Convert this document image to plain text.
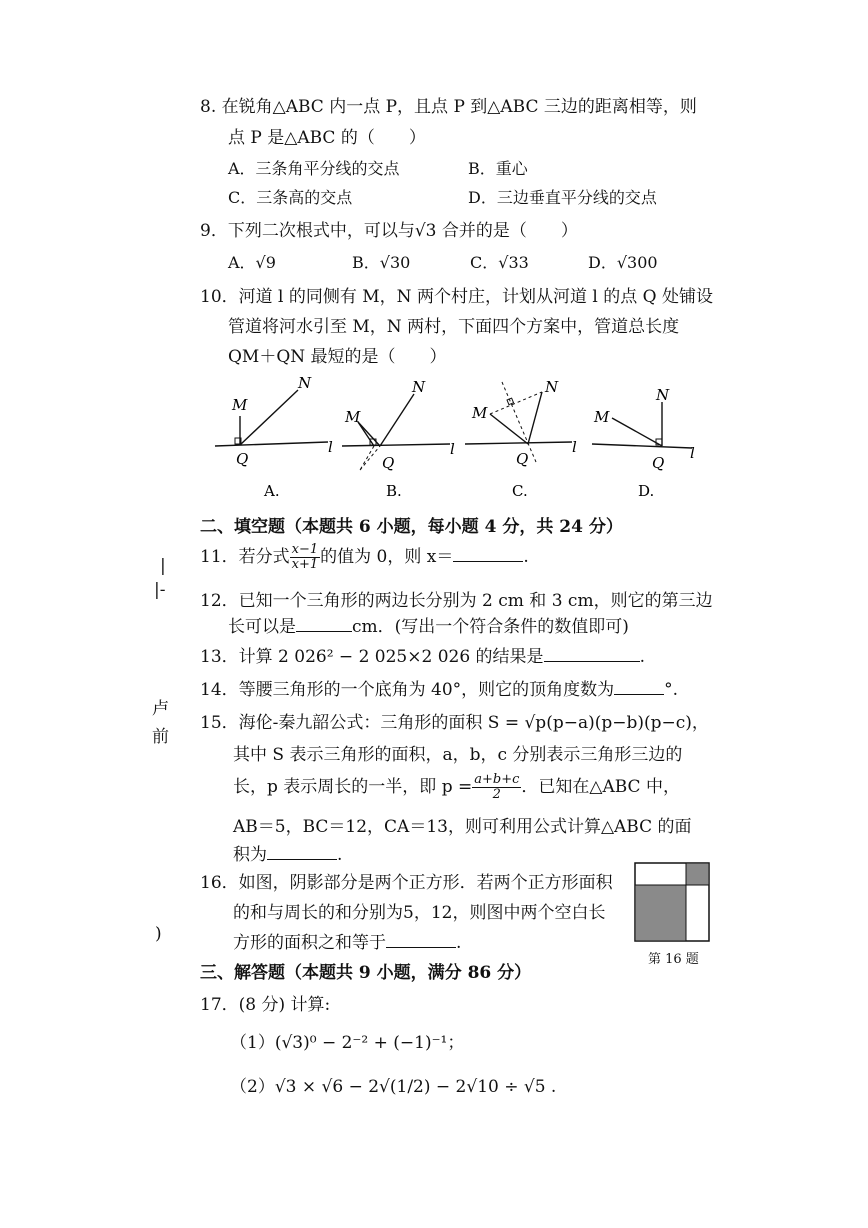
8. 在锐角△ABC 内一点 P，且点 P 到△ABC 三边的距离相等，则
点 P 是△ABC 的（　　）
A．三条角平分线的交点	B．重心
C．三条高的交点	D．三边垂直平分线的交点
9．下列二次根式中，可以与√3 合并的是（　　）
A．√9	B．√30	C．√33	D．√300
10．河道 l 的同侧有 M，N 两个村庄，计划从河道 l 的点 Q 处铺设
管道将河水引至 M，N 两村，下面四个方案中，管道总长度
QM＋QN 最短的是（　　）
M
N
Q
l
A.
M
N
Q
l
B.
M
N
Q
l
C.
M
N
Q
l
D.
二、填空题（本题共 6 小题，每小题 4 分，共 24 分）
11．若分式 $\frac{x-1}{x+1}$ 的值为 0，则 x＝	.
12．已知一个三角形的两边长分别为 2 cm 和 3 cm，则它的第三边
长可以是	cm．(写出一个符合条件的数值即可)
13．计算 2 026² − 2 025×2 026 的结果是	.
14．等腰三角形的一个底角为 40°，则它的顶角度数为	°.
15．海伦-秦九韶公式：三角形的面积 S = √p(p−a)(p−b)(p−c)，
其中 S 表示三角形的面积，a，b，c 分别表示三角形三边的
长，p 表示周长的一半，即 $p = \frac{a+b+c}{2}$ ．已知在△ABC 中，
AB＝5，BC＝12，CA＝13，则可利用公式计算△ABC 的面
积为	.
16．如图，阴影部分是两个正方形．若两个正方形面积
的和与周长的和分别为5，12，则图中两个空白长
方形的面积之和等于	.
第 16 题
三、解答题（本题共 9 小题，满分 86 分）
17．(8 分) 计算:
（1）(√3)⁰ − 2⁻² + (−1)⁻¹；
（2）√3 × √6 − 2√(1/2) − 2√10 ÷ √5 .
|
|-
卢
前
)
